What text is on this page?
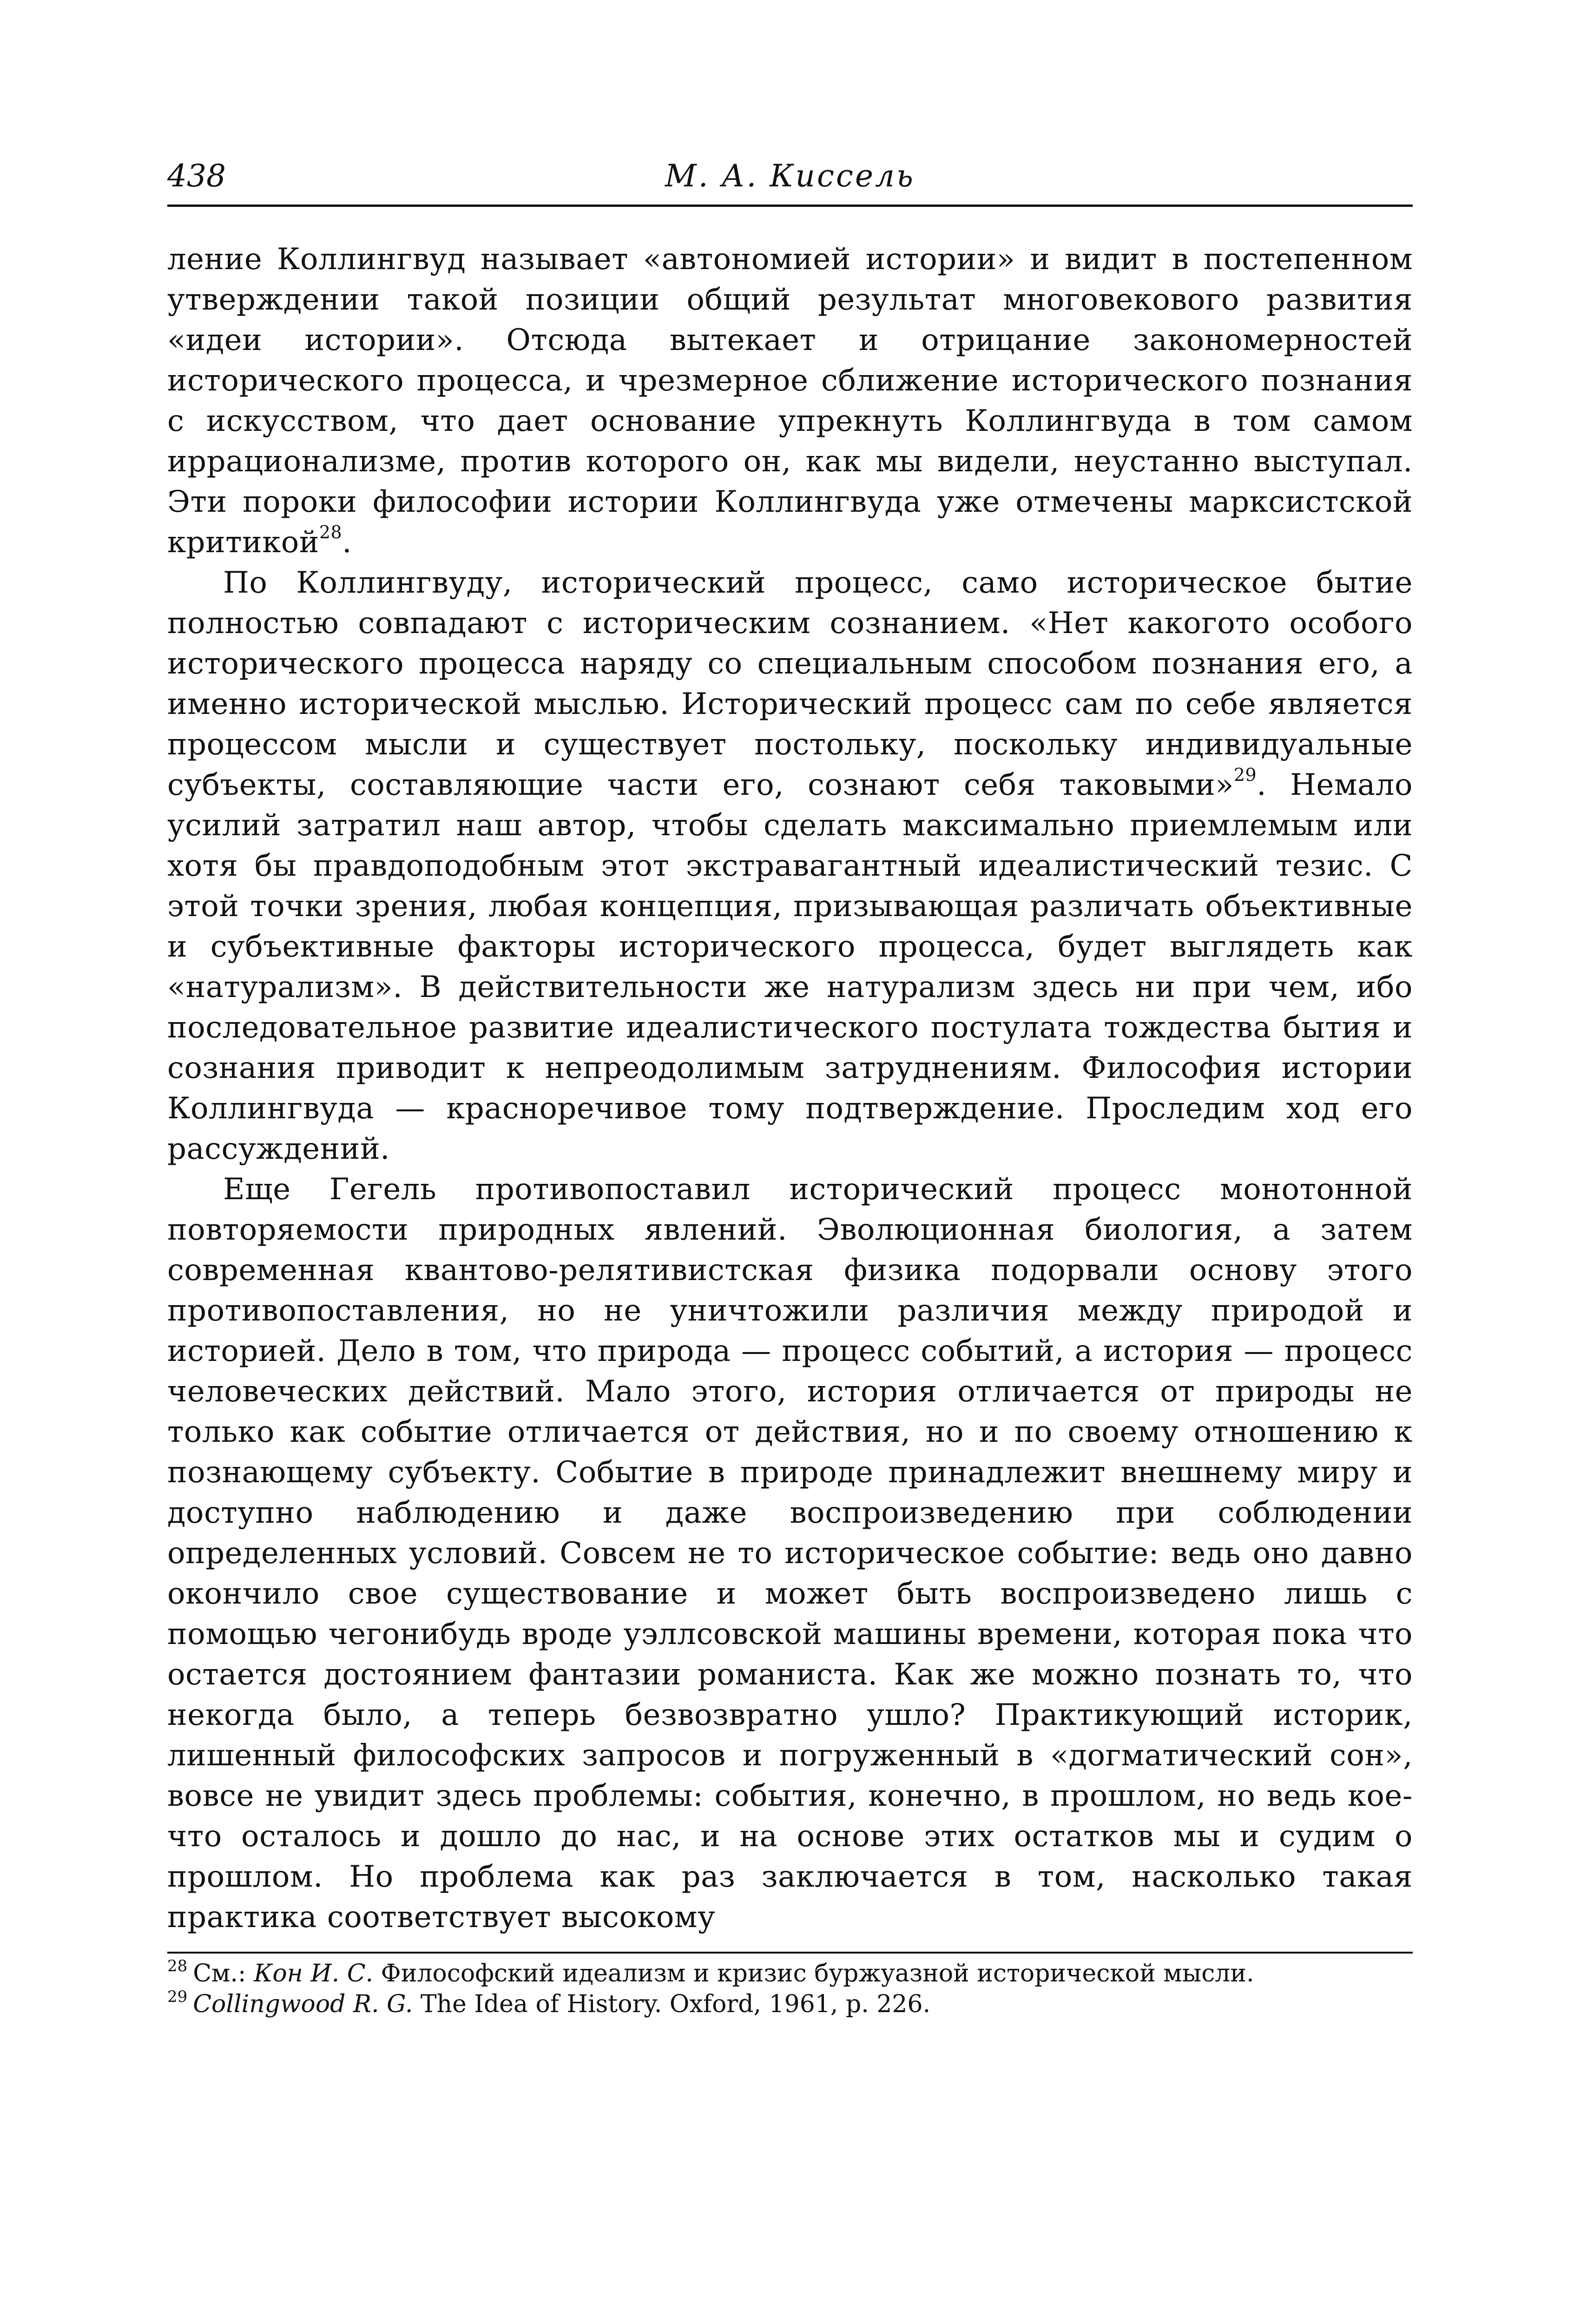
438	М. А. Киссель

ление Коллингвуд называет «автономией истории» и видит в постепенном утверждении такой позиции общий результат многовекового развития «идеи истории». Отсюда вытекает и отрицание закономерностей исторического процесса, и чрезмерное сближение исторического познания с искусством, что дает основание упрекнуть Коллингвуда в том самом иррационализме, против которого он, как мы видели, неустанно выступал. Эти пороки философии истории Коллингвуда уже отмечены марксистской критикой$^{28}$.

По Коллингвуду, исторический процесс, само историческое бытие полностью совпадают с историческим сознанием. «Нет какогото особого исторического процесса наряду со специальным способом познания его, а именно исторической мыслью. Исторический процесс сам по себе является процессом мысли и существует постольку, поскольку индивидуальные субъекты, составляющие части его, сознают себя таковыми»$^{29}$. Немало усилий затратил наш автор, чтобы сделать максимально приемлемым или хотя бы правдоподобным этот экстравагантный идеалистический тезис. С этой точки зрения, любая концепция, призывающая различать объективные и субъективные факторы исторического процесса, будет выглядеть как «натурализм». В действительности же натурализм здесь ни при чем, ибо последовательное развитие идеалистического постулата тождества бытия и сознания приводит к непреодолимым затруднениям. Философия истории Коллингвуда — красноречивое тому подтверждение. Проследим ход его рассуждений.

Еще Гегель противопоставил исторический процесс монотонной повторяемости природных явлений. Эволюционная биология, а затем современная квантово-релятивистская физика подорвали основу этого противопоставления, но не уничтожили различия между природой и историей. Дело в том, что природа — процесс событий, а история — процесс человеческих действий. Мало этого, история отличается от природы не только как событие отличается от действия, но и по своему отношению к познающему субъекту. Событие в природе принадлежит внешнему миру и доступно наблюдению и даже воспроизведению при соблюдении определенных условий. Совсем не то историческое событие: ведь оно давно окончило свое существование и может быть воспроизведено лишь с помощью чегонибудь вроде уэллсовской машины времени, которая пока что остается достоянием фантазии романиста. Как же можно познать то, что некогда было, а теперь безвозвратно ушло? Практикующий историк, лишенный философских запросов и погруженный в «догматический сон», вовсе не увидит здесь проблемы: события, конечно, в прошлом, но ведь кое-что осталось и дошло до нас, и на основе этих остатков мы и судим о прошлом. Но проблема как раз заключается в том, насколько такая практика соответствует высокому

$^{28}$ См.: Кон И. С. Философский идеализм и кризис буржуазной исторической мысли.

$^{29}$ Collingwood R. G. The Idea of History. Oxford, 1961, p. 226.
